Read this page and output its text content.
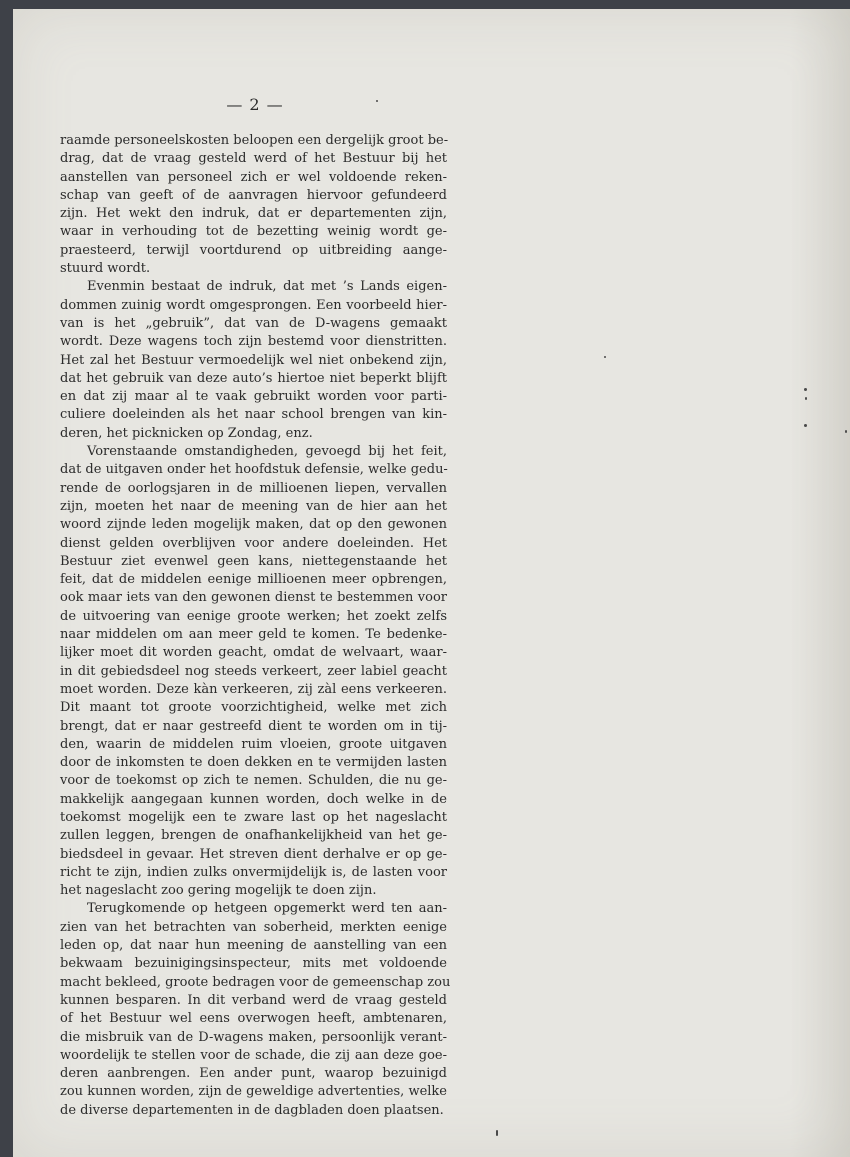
— 2 —
raamde personeelskosten beloopen een dergelijk groot be-
drag, dat de vraag gesteld werd of het Bestuur bij het
aanstellen van personeel zich er wel voldoende reken-
schap van geeft of de aanvragen hiervoor gefundeerd
zijn. Het wekt den indruk, dat er departementen zijn,
waar in verhouding tot de bezetting weinig wordt ge-
praesteerd, terwijl voortdurend op uitbreiding aange-
stuurd wordt.
Evenmin bestaat de indruk, dat met ’s Lands eigen-
dommen zuinig wordt omgesprongen. Een voorbeeld hier-
van is het „gebruik”, dat van de D-wagens gemaakt
wordt. Deze wagens toch zijn bestemd voor dienstritten.
Het zal het Bestuur vermoedelijk wel niet onbekend zijn,
dat het gebruik van deze auto’s hiertoe niet beperkt blijft
en dat zij maar al te vaak gebruikt worden voor parti-
culiere doeleinden als het naar school brengen van kin-
deren, het picknicken op Zondag, enz.
Vorenstaande omstandigheden, gevoegd bij het feit,
dat de uitgaven onder het hoofdstuk defensie, welke gedu-
rende de oorlogsjaren in de millioenen liepen, vervallen
zijn, moeten het naar de meening van de hier aan het
woord zijnde leden mogelijk maken, dat op den gewonen
dienst gelden overblijven voor andere doeleinden. Het
Bestuur ziet evenwel geen kans, niettegenstaande het
feit, dat de middelen eenige millioenen meer opbrengen,
ook maar iets van den gewonen dienst te bestemmen voor
de uitvoering van eenige groote werken; het zoekt zelfs
naar middelen om aan meer geld te komen. Te bedenke-
lijker moet dit worden geacht, omdat de welvaart, waar-
in dit gebiedsdeel nog steeds verkeert, zeer labiel geacht
moet worden. Deze kàn verkeeren, zij zàl eens verkeeren.
Dit maant tot groote voorzichtigheid, welke met zich
brengt, dat er naar gestreefd dient te worden om in tij-
den, waarin de middelen ruim vloeien, groote uitgaven
door de inkomsten te doen dekken en te vermijden lasten
voor de toekomst op zich te nemen. Schulden, die nu ge-
makkelijk aangegaan kunnen worden, doch welke in de
toekomst mogelijk een te zware last op het nageslacht
zullen leggen, brengen de onafhankelijkheid van het ge-
biedsdeel in gevaar. Het streven dient derhalve er op ge-
richt te zijn, indien zulks onvermijdelijk is, de lasten voor
het nageslacht zoo gering mogelijk te doen zijn.
Terugkomende op hetgeen opgemerkt werd ten aan-
zien van het betrachten van soberheid, merkten eenige
leden op, dat naar hun meening de aanstelling van een
bekwaam bezuinigingsinspecteur, mits met voldoende
macht bekleed, groote bedragen voor de gemeenschap zou
kunnen besparen. In dit verband werd de vraag gesteld
of het Bestuur wel eens overwogen heeft, ambtenaren,
die misbruik van de D-wagens maken, persoonlijk verant-
woordelijk te stellen voor de schade, die zij aan deze goe-
deren aanbrengen. Een ander punt, waarop bezuinigd
zou kunnen worden, zijn de geweldige advertenties, welke
de diverse departementen in de dagbladen doen plaatsen.
